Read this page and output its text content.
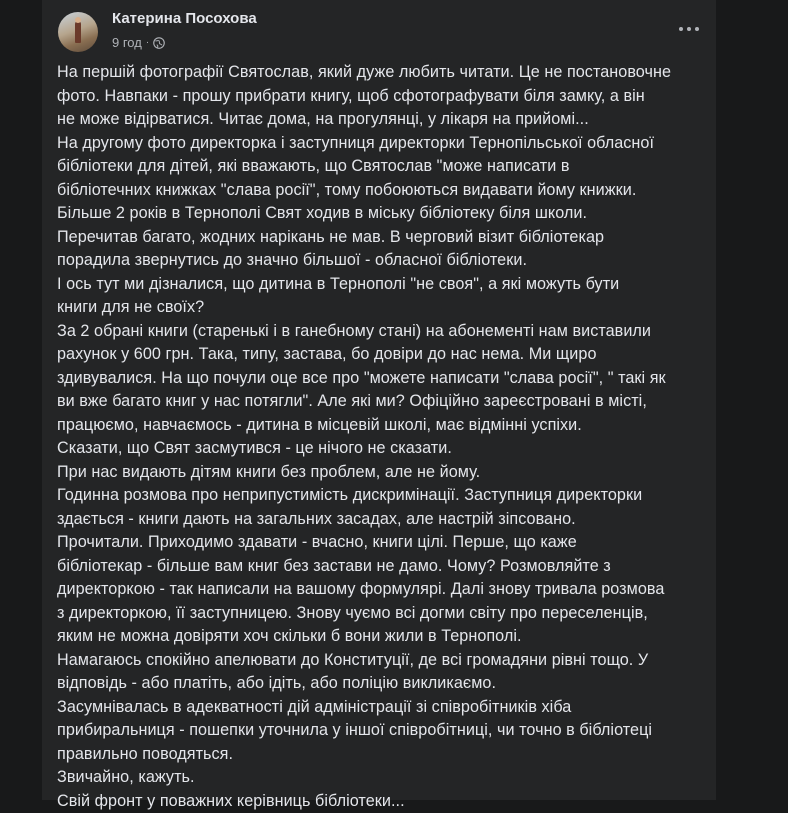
Катерина Посохова
9 год ·
На першій фотографії Святослав, який дуже любить читати. Це не постановочне
фото. Навпаки - прошу прибрати книгу, щоб сфотографувати біля замку, а він
не може відірватися. Читає дома, на прогулянці, у лікаря на прийомі...
На другому фото директорка і заступниця директорки Тернопільської обласної
бібліотеки для дітей, які вважають, що Святослав "може написати в
бібліотечних книжках "слава росії", тому побоюються видавати йому книжки.
Більше 2 років в Тернополі Свят ходив в міську бібліотеку біля школи.
Перечитав багато, жодних нарікань не мав. В черговий візит бібліотекар
порадила звернутись до значно більшої - обласної бібліотеки.
І ось тут ми дізналися, що дитина в Тернополі "не своя", а які можуть бути
книги для не своїх?
За 2 обрані книги (старенькі і в ганебному стані) на абонементі нам виставили
рахунок у 600 грн. Така, типу, застава, бо довіри до нас нема. Ми щиро
здивувалися. На що почули оце все про "можете написати "слава росії", " такі як
ви вже багато книг у нас потягли". Але які ми? Офіційно зареєстровані в місті,
працюємо, навчаємось - дитина в місцевій школі, має відмінні успіхи.
Сказати, що Свят засмутився - це нічого не сказати.
При нас видають дітям книги без проблем, але не йому.
Годинна розмова про неприпустимість дискримінації. Заступниця директорки
здається - книги дають на загальних засадах, але настрій зіпсовано.
Прочитали. Приходимо здавати - вчасно, книги цілі. Перше, що каже
бібліотекар - більше вам книг без застави не дамо. Чому? Розмовляйте з
директоркою - так написали на вашому формулярі. Далі знову тривала розмова
з директоркою, її заступницею. Знову чуємо всі догми світу про переселенців,
яким не можна довіряти хоч скільки б вони жили в Тернополі.
Намагаюсь спокійно апелювати до Конституції, де всі громадяни рівні тощо. У
відповідь - або платіть, або ідіть, або поліцію викликаємо.
Засумнівалась в адекватності дій адміністрації зі співробітників хіба
прибиральниця - пошепки уточнила у іншої співробітниці, чи точно в бібліотеці
правильно поводяться.
Звичайно, кажуть.
Свій фронт у поважних керівниць бібліотеки...
